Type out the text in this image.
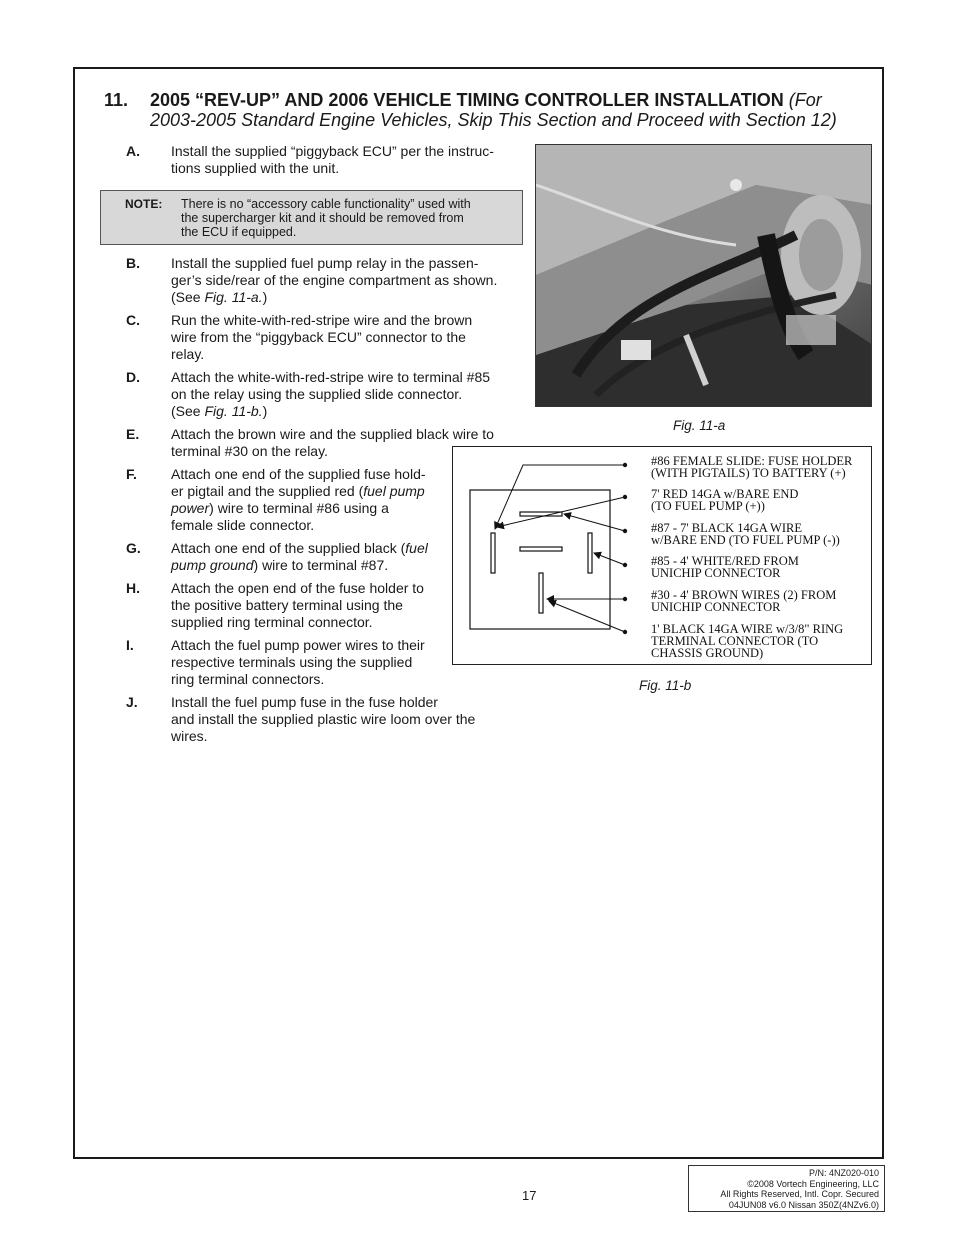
11. 2005 “REV-UP” AND 2006 VEHICLE TIMING CONTROLLER INSTALLATION (For
2003-2005 Standard Engine Vehicles, Skip This Section and Proceed with Section 12)
A. Install the supplied “piggyback ECU” per the instruc-
tions supplied with the unit.
NOTE: There is no “accessory cable functionality” used with
the supercharger kit and it should be removed from
the ECU if equipped.
B. Install the supplied fuel pump relay in the passen-
ger’s side/rear of the engine compartment as shown.
(See Fig. 11-a.)
C. Run the white-with-red-stripe wire and the brown
wire from the “piggyback ECU” connector to the
relay.
D. Attach the white-with-red-stripe wire to terminal #85
on the relay using the supplied slide connector.
(See Fig. 11-b.)
E. Attach the brown wire and the supplied black wire to
terminal #30 on the relay.
F. Attach one end of the supplied fuse hold-
er pigtail and the supplied red (fuel pump
power) wire to terminal #86 using a
female slide connector.
G. Attach one end of the supplied black (fuel
pump ground) wire to terminal #87.
H. Attach the open end of the fuse holder to
the positive battery terminal using the
supplied ring terminal connector.
I.	Attach the fuel pump power wires to their
respective terminals using the supplied
ring terminal connectors.
J. Install the fuel pump fuse in the fuse holder
and install the supplied plastic wire loom over the
wires.
Fig. 11-a
#86 FEMALE SLIDE: FUSE HOLDER
(WITH PIGTAILS) TO BATTERY (+)
7' RED 14GA w/BARE END
(TO FUEL PUMP (+))
#87 - 7' BLACK 14GA WIRE
w/BARE END (TO FUEL PUMP (-))
#85 - 4' WHITE/RED FROM
UNICHIP CONNECTOR
#30 - 4' BROWN WIRES (2) FROM
UNICHIP CONNECTOR
1' BLACK 14GA WIRE w/3/8" RING
TERMINAL CONNECTOR (TO
CHASSIS GROUND)
Fig. 11-b
17
P/N: 4NZ020-010
©2008 Vortech Engineering, LLC
All Rights Reserved, Intl. Copr. Secured
04JUN08 v6.0 Nissan 350Z(4NZv6.0)
